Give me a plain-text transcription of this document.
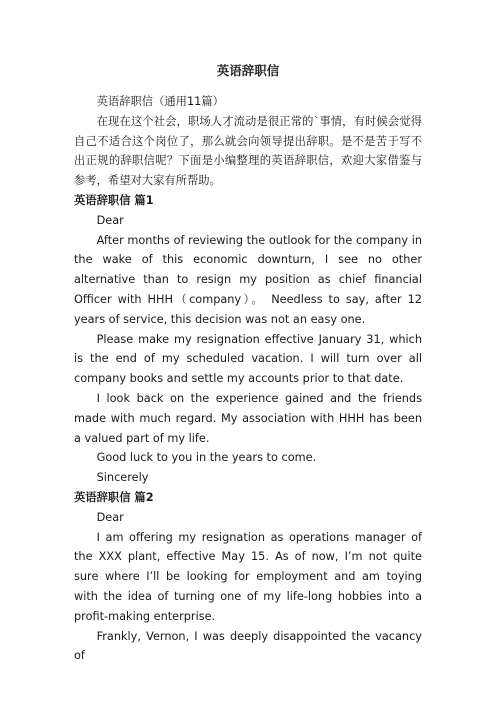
英语辞职信

英语辞职信（通用11篇）

在现在这个社会，职场人才流动是很正常的`事情，有时候会觉得自己不适合这个岗位了，那么就会向领导提出辞职。是不是苦于写不出正规的辞职信呢？下面是小编整理的英语辞职信，欢迎大家借鉴与参考，希望对大家有所帮助。

英语辞职信 篇1

Dear

After months of reviewing the outlook for the company in the wake of this economic downturn, I see no other alternative than to resign my position as chief financial Officer with HHH（company）。 Needless to say, after 12 years of service, this decision was not an easy one.

Please make my resignation effective January 31, which is the end of my scheduled vacation. I will turn over all company books and settle my accounts prior to that date.

I look back on the experience gained and the friends made with much regard. My association with HHH has been a valued part of my life.

Good luck to you in the years to come.

Sincerely

英语辞职信 篇2

Dear

I am offering my resignation as operations manager of the XXX plant, effective May 15. As of now, I’m not quite sure where I’ll be looking for employment and am toying with the idea of turning one of my life-long hobbies into a profit-making enterprise.

Frankly, Vernon, I was deeply disappointed the vacancy of
